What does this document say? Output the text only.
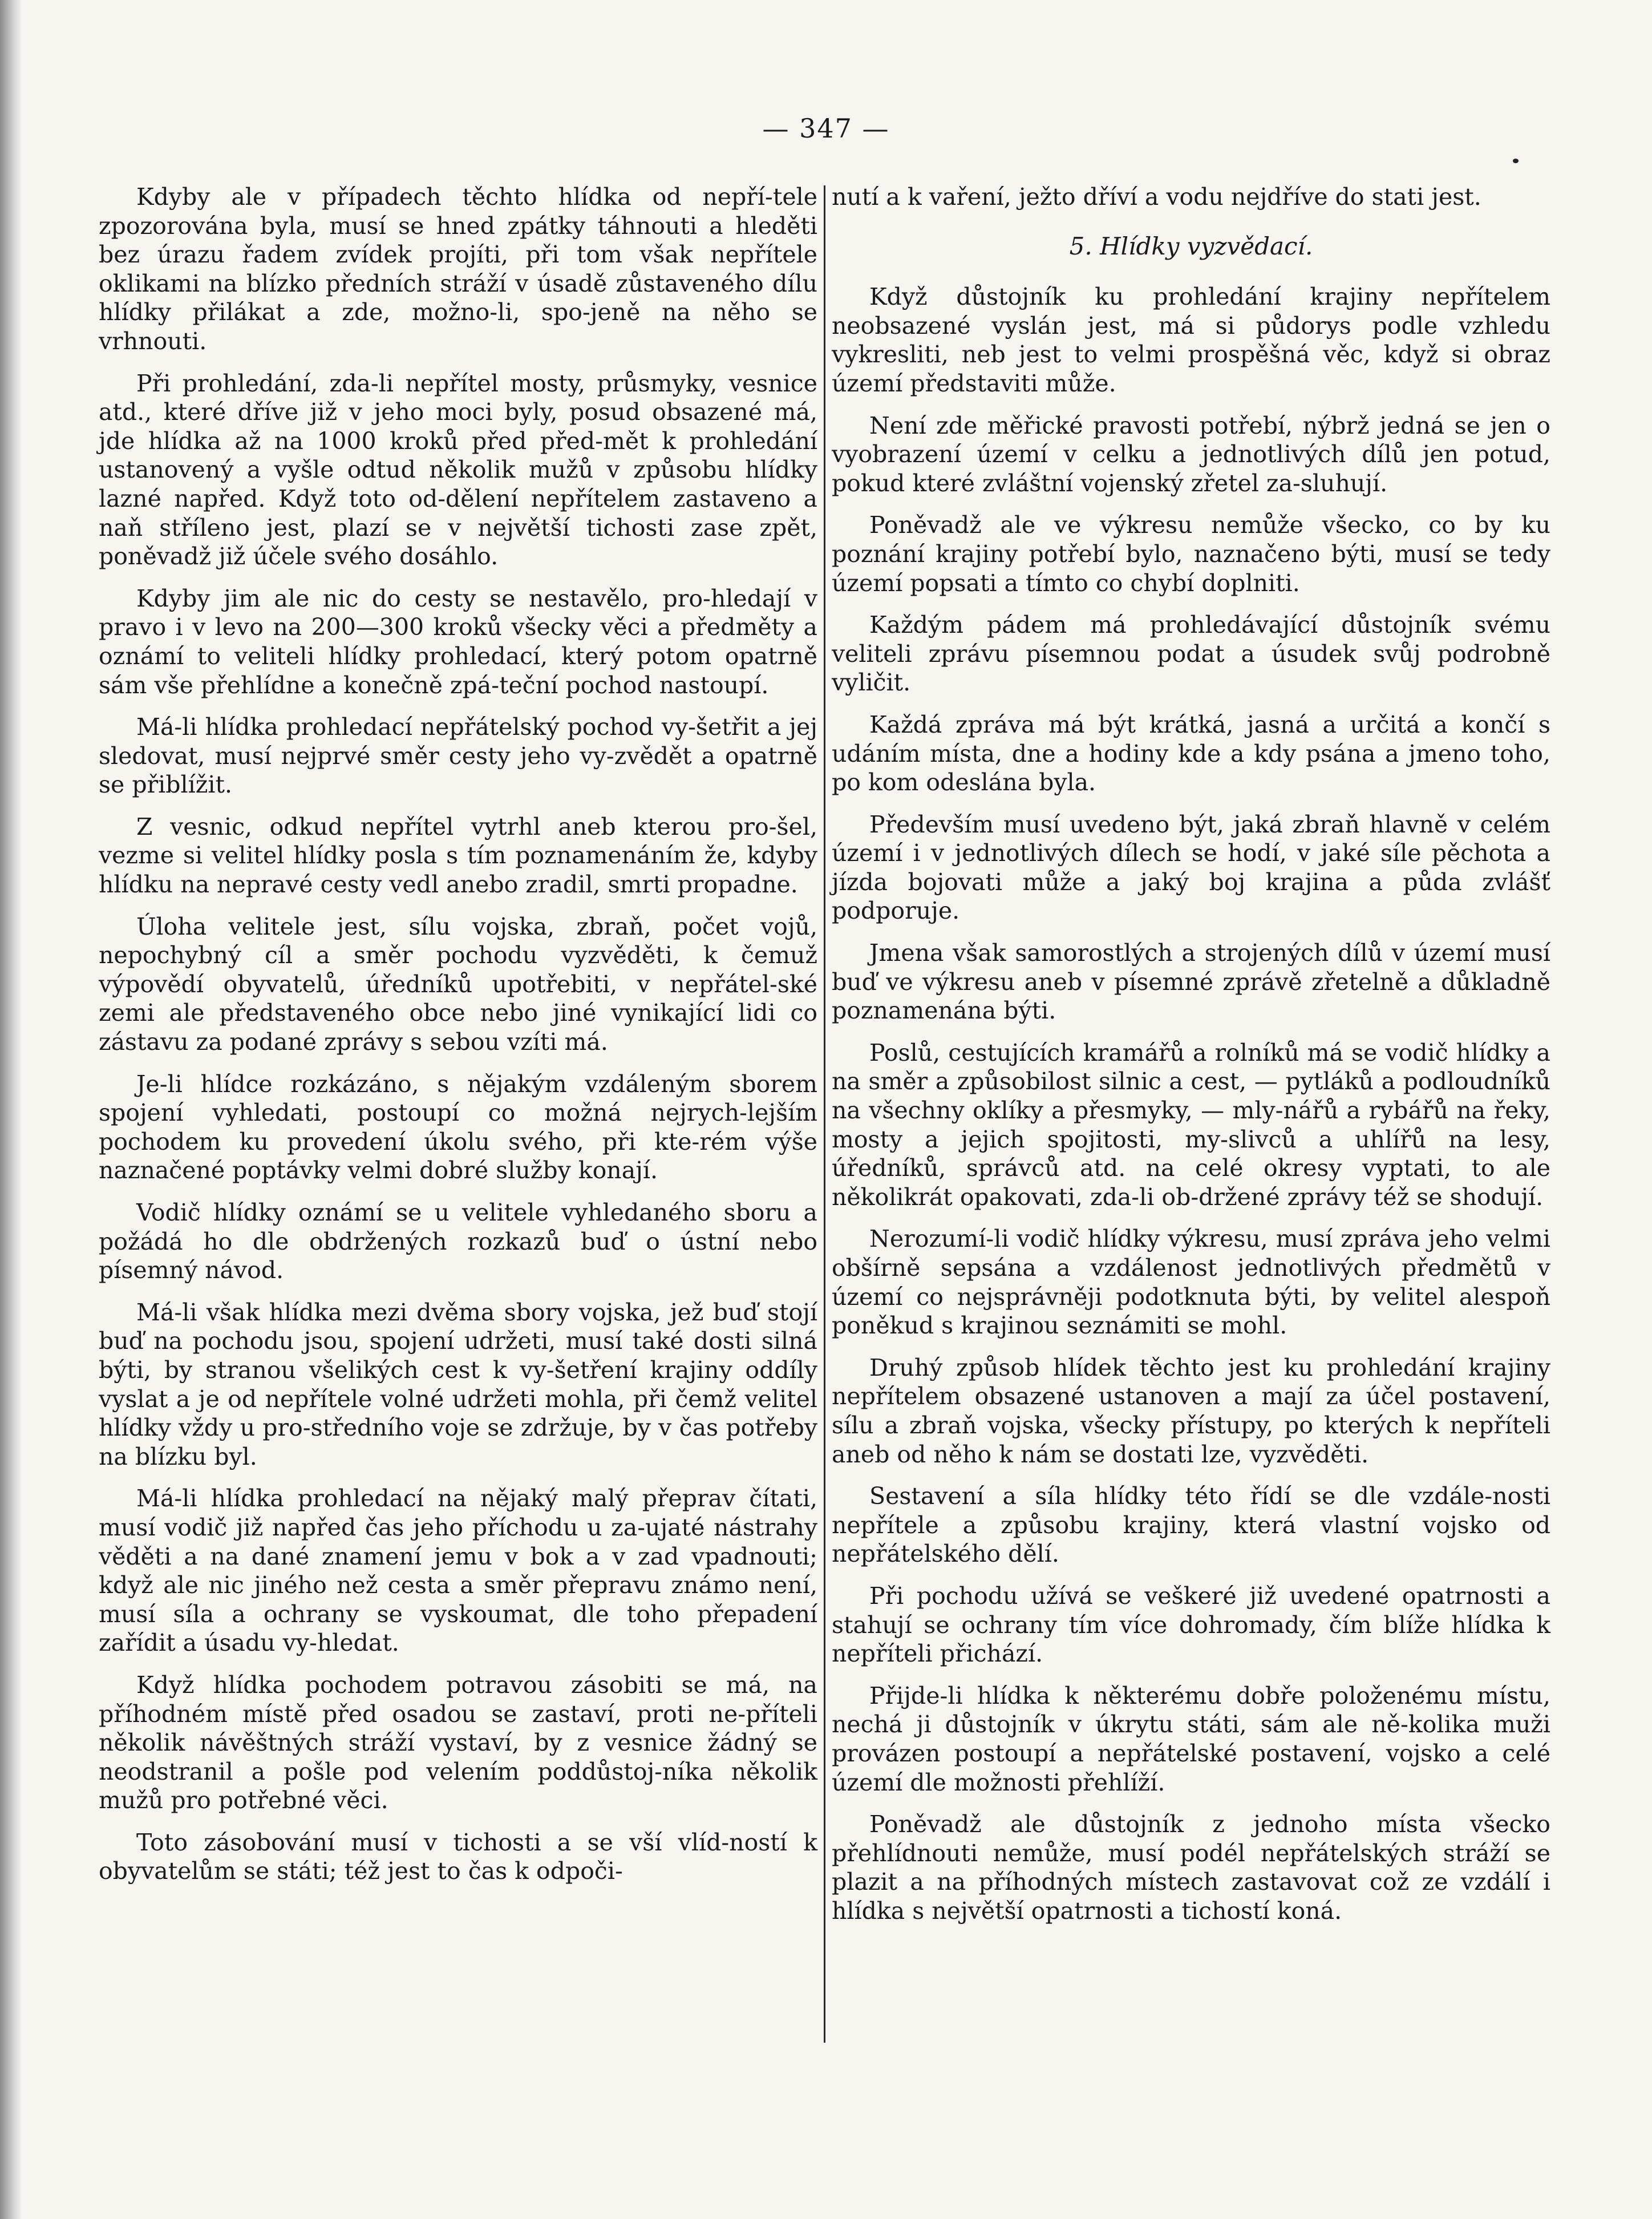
— 347 —

Kdyby ale v případech těchto hlídka od nepří-tele zpozorována byla, musí se hned zpátky táhnouti a hleděti bez úrazu řadem zvídek projíti, při tom však nepřítele oklikami na blízko předních stráží v úsadě zůstaveného dílu hlídky přilákat a zde, možno-li, spo-jeně na něho se vrhnouti.

Při prohledání, zda-li nepřítel mosty, průsmyky, vesnice atd., které dříve již v jeho moci byly, posud obsazené má, jde hlídka až na 1000 kroků před před-mět k prohledání ustanovený a vyšle odtud několik mužů v způsobu hlídky lazné napřed. Když toto od-dělení nepřítelem zastaveno a naň stříleno jest, plazí se v největší tichosti zase zpět, poněvadž již účele svého dosáhlo.

Kdyby jim ale nic do cesty se nestavělo, pro-hledají v pravo i v levo na 200—300 kroků všecky věci a předměty a oznámí to veliteli hlídky prohledací, který potom opatrně sám vše přehlídne a konečně zpá-teční pochod nastoupí.

Má-li hlídka prohledací nepřátelský pochod vy-šetřit a jej sledovat, musí nejprvé směr cesty jeho vy-zvědět a opatrně se přiblížit.

Z vesnic, odkud nepřítel vytrhl aneb kterou pro-šel, vezme si velitel hlídky posla s tím poznamenáním že, kdyby hlídku na nepravé cesty vedl anebo zradil, smrti propadne.

Úloha velitele jest, sílu vojska, zbraň, počet vojů, nepochybný cíl a směr pochodu vyzvěděti, k čemuž výpovědí obyvatelů, úředníků upotřebiti, v nepřátel-ské zemi ale představeného obce nebo jiné vynikající lidi co zástavu za podané zprávy s sebou vzíti má.

Je-li hlídce rozkázáno, s nějakým vzdáleným sborem spojení vyhledati, postoupí co možná nejrych-lejším pochodem ku provedení úkolu svého, při kte-rém výše naznačené poptávky velmi dobré služby konají.

Vodič hlídky oznámí se u velitele vyhledaného sboru a požádá ho dle obdržených rozkazů buď o ústní nebo písemný návod.

Má-li však hlídka mezi dvěma sbory vojska, jež buď stojí buď na pochodu jsou, spojení udržeti, musí také dosti silná býti, by stranou všelikých cest k vy-šetření krajiny oddíly vyslat a je od nepřítele volné udržeti mohla, při čemž velitel hlídky vždy u pro-středního voje se zdržuje, by v čas potřeby na blízku byl.

Má-li hlídka prohledací na nějaký malý přeprav čítati, musí vodič již napřed čas jeho příchodu u za-ujaté nástrahy věděti a na dané znamení jemu v bok a v zad vpadnouti; když ale nic jiného než cesta a směr přepravu známo není, musí síla a ochrany se vyskoumat, dle toho přepadení zařídit a úsadu vy-hledat.

Když hlídka pochodem potravou zásobiti se má, na příhodném místě před osadou se zastaví, proti ne-příteli několik návěštných stráží vystaví, by z vesnice žádný se neodstranil a pošle pod velením poddůstoj-níka několik mužů pro potřebné věci.

Toto zásobování musí v tichosti a se vší vlíd-ností k obyvatelům se státi; též jest to čas k odpoči-

nutí a k vaření, ježto dříví a vodu nejdříve do stati jest.

5. Hlídky vyzvědací.

Když důstojník ku prohledání krajiny nepřítelem neobsazené vyslán jest, má si půdorys podle vzhledu vykresliti, neb jest to velmi prospěšná věc, když si obraz území představiti může.

Není zde měřické pravosti potřebí, nýbrž jedná se jen o vyobrazení území v celku a jednotlivých dílů jen potud, pokud které zvláštní vojenský zřetel za-sluhují.

Poněvadž ale ve výkresu nemůže všecko, co by ku poznání krajiny potřebí bylo, naznačeno býti, musí se tedy území popsati a tímto co chybí doplniti.

Každým pádem má prohledávající důstojník svému veliteli zprávu písemnou podat a úsudek svůj podrobně vyličit.

Každá zpráva má být krátká, jasná a určitá a končí s udáním místa, dne a hodiny kde a kdy psána a jmeno toho, po kom odeslána byla.

Především musí uvedeno být, jaká zbraň hlavně v celém území i v jednotlivých dílech se hodí, v jaké síle pěchota a jízda bojovati může a jaký boj krajina a půda zvlášť podporuje.

Jmena však samorostlých a strojených dílů v území musí buď ve výkresu aneb v písemné zprávě zřetelně a důkladně poznamenána býti.

Poslů, cestujících kramářů a rolníků má se vodič hlídky a na směr a způsobilost silnic a cest, — pytláků a podloudníků na všechny oklíky a přesmyky, — mly-nářů a rybářů na řeky, mosty a jejich spojitosti, my-slivců a uhlířů na lesy, úředníků, správců atd. na celé okresy vyptati, to ale několikrát opakovati, zda-li ob-držené zprávy též se shodují.

Nerozumí-li vodič hlídky výkresu, musí zpráva jeho velmi obšírně sepsána a vzdálenost jednotlivých předmětů v území co nejsprávněji podotknuta býti, by velitel alespoň poněkud s krajinou seznámiti se mohl.

Druhý způsob hlídek těchto jest ku prohledání krajiny nepřítelem obsazené ustanoven a mají za účel postavení, sílu a zbraň vojska, všecky přístupy, po kterých k nepříteli aneb od něho k nám se dostati lze, vyzvěděti.

Sestavení a síla hlídky této řídí se dle vzdále-nosti nepřítele a způsobu krajiny, která vlastní vojsko od nepřátelského dělí.

Při pochodu užívá se veškeré již uvedené opatrnosti a stahují se ochrany tím více dohromady, čím blíže hlídka k nepříteli přichází.

Přijde-li hlídka k některému dobře položenému místu, nechá ji důstojník v úkrytu státi, sám ale ně-kolika muži provázen postoupí a nepřátelské postavení, vojsko a celé území dle možnosti přehlíží.

Poněvadž ale důstojník z jednoho místa všecko přehlídnouti nemůže, musí podél nepřátelských stráží se plazit a na příhodných místech zastavovat což ze vzdálí i hlídka s největší opatrnosti a tichostí koná.
